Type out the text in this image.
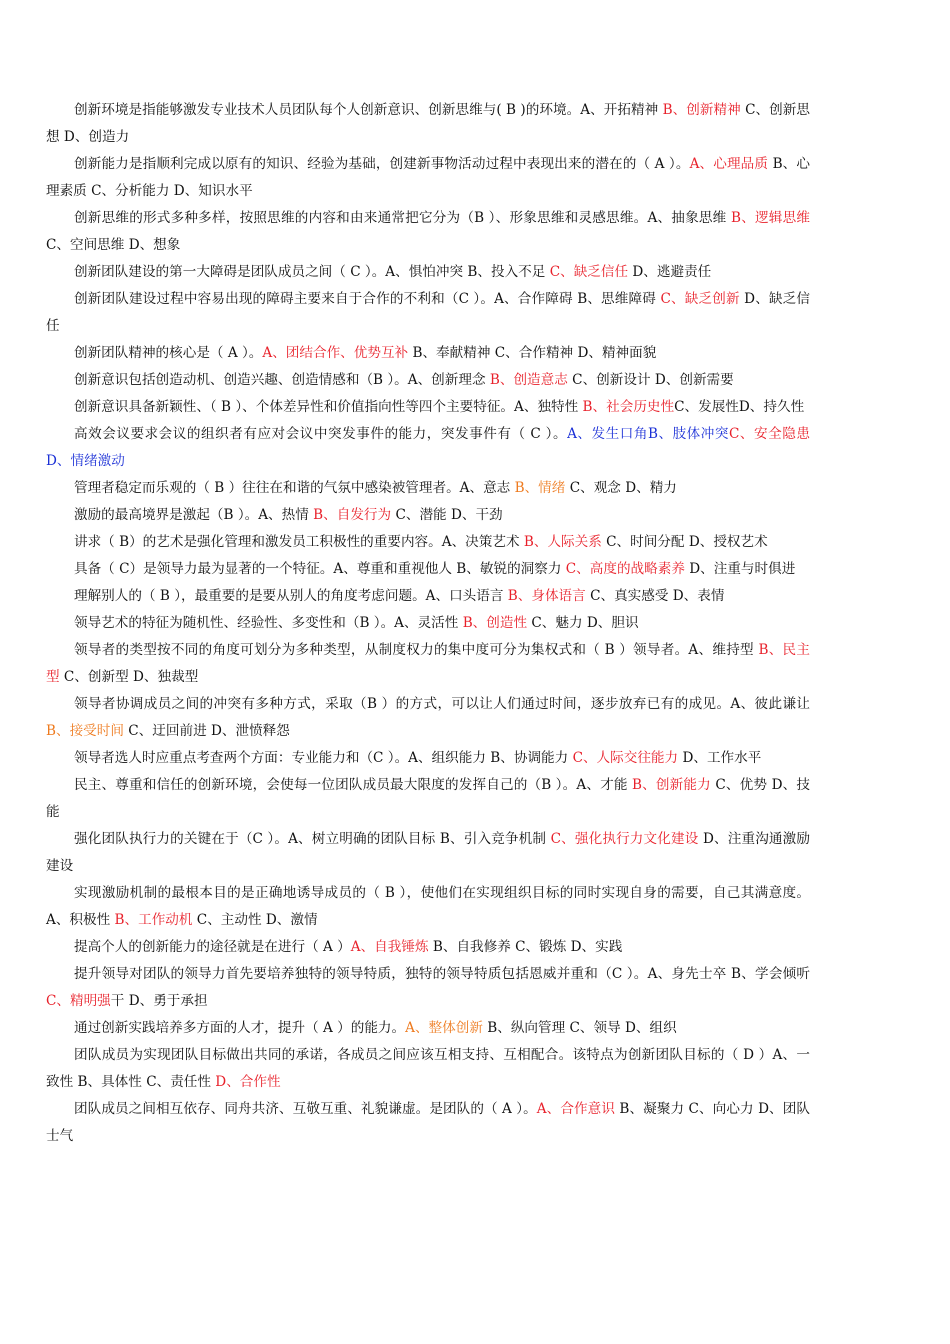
创新环境是指能够激发专业技术人员团队每个人创新意识、创新思维与( B )的环境。A、开拓精神 B、创新精神 C、创新思想 D、创造力

创新能力是指顺利完成以原有的知识、经验为基础，创建新事物活动过程中表现出来的潜在的（ A ）。A、心理品质 B、心理素质 C、分析能力 D、知识水平

创新思维的形式多种多样，按照思维的内容和由来通常把它分为（B ）、形象思维和灵感思维。A、抽象思维 B、逻辑思维 C、空间思维 D、想象

创新团队建设的第一大障碍是团队成员之间（ C ）。A、惧怕冲突 B、投入不足 C、缺乏信任 D、逃避责任

创新团队建设过程中容易出现的障碍主要来自于合作的不利和（C ）。A、合作障碍 B、思维障碍 C、缺乏创新 D、缺乏信任

创新团队精神的核心是（ A ）。A、团结合作、优势互补 B、奉献精神 C、合作精神 D、精神面貌

创新意识包括创造动机、创造兴趣、创造情感和（B ）。A、创新理念 B、创造意志 C、创新设计 D、创新需要

创新意识具备新颖性、（ B ）、个体差异性和价值指向性等四个主要特征。A、独特性 B、社会历史性C、发展性D、持久性

高效会议要求会议的组织者有应对会议中突发事件的能力，突发事件有（ C ）。A、发生口角B、肢体冲突C、安全隐患 D、情绪激动

管理者稳定而乐观的（ B ）往往在和谐的气氛中感染被管理者。A、意志 B、情绪 C、观念 D、精力

激励的最高境界是激起（B ）。A、热情 B、自发行为 C、潜能 D、干劲

讲求（ B）的艺术是强化管理和激发员工积极性的重要内容。A、决策艺术 B、人际关系 C、时间分配 D、授权艺术

具备（ C）是领导力最为显著的一个特征。A、尊重和重视他人 B、敏锐的洞察力 C、高度的战略素养 D、注重与时俱进

理解别人的（ B ），最重要的是要从别人的角度考虑问题。A、口头语言 B、身体语言 C、真实感受 D、表情

领导艺术的特征为随机性、经验性、多变性和（B ）。A、灵活性 B、创造性 C、魅力 D、胆识

领导者的类型按不同的角度可划分为多种类型，从制度权力的集中度可分为集权式和（ B ）领导者。A、维持型 B、民主型 C、创新型 D、独裁型

领导者协调成员之间的冲突有多种方式，采取（B ）的方式，可以让人们通过时间，逐步放弃已有的成见。A、彼此谦让 B、接受时间 C、迂回前进 D、泄愤释怨

领导者选人时应重点考查两个方面：专业能力和（C ）。A、组织能力 B、协调能力 C、人际交往能力 D、工作水平

民主、尊重和信任的创新环境，会使每一位团队成员最大限度的发挥自己的（B ）。A、才能 B、创新能力 C、优势 D、技能

强化团队执行力的关键在于（C ）。A、树立明确的团队目标 B、引入竞争机制 C、强化执行力文化建设 D、注重沟通激励建设

实现激励机制的最根本目的是正确地诱导成员的（ B ），使他们在实现组织目标的同时实现自身的需要，自己其满意度。A、积极性 B、工作动机 C、主动性 D、激情

提高个人的创新能力的途径就是在进行（ A ）A、自我锤炼 B、自我修养 C、锻炼 D、实践

提升领导对团队的领导力首先要培养独特的领导特质，独特的领导特质包括恩威并重和（C ）。A、身先士卒 B、学会倾听 C、精明强干 D、勇于承担

通过创新实践培养多方面的人才，提升（ A ）的能力。A、整体创新 B、纵向管理 C、领导 D、组织

团队成员为实现团队目标做出共同的承诺，各成员之间应该互相支持、互相配合。该特点为创新团队目标的（ D ）A、一致性 B、具体性 C、责任性 D、合作性

团队成员之间相互依存、同舟共济、互敬互重、礼貌谦虚。是团队的（ A ）。A、合作意识 B、凝聚力 C、向心力 D、团队士气
